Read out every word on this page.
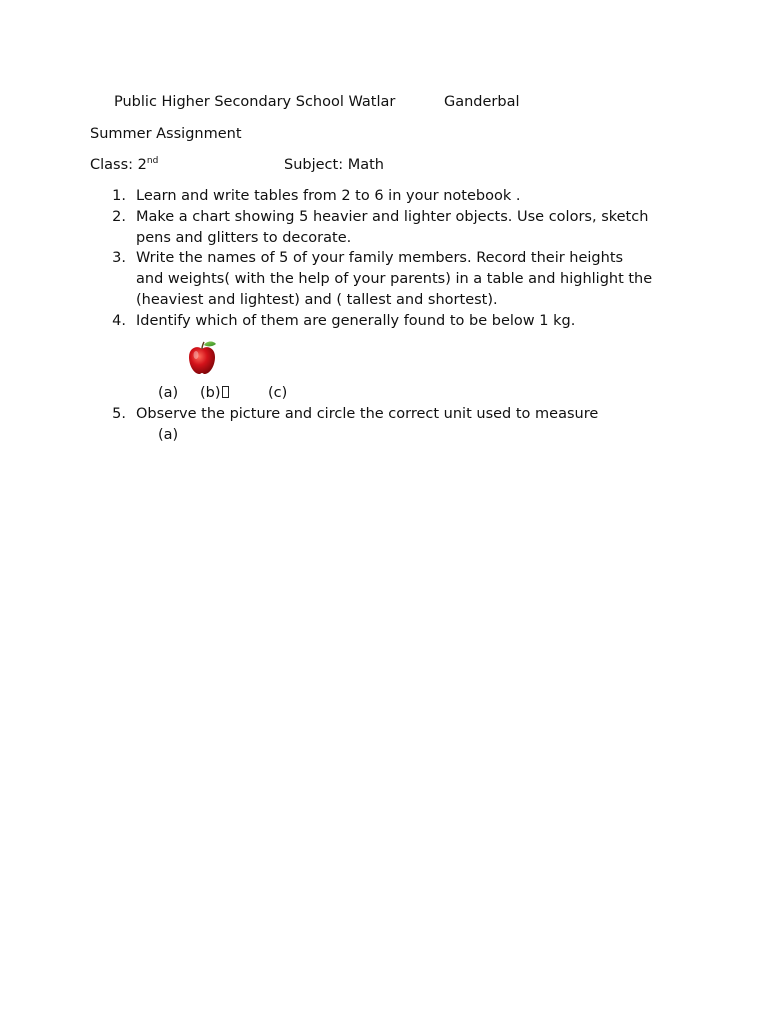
Public Higher Secondary School Watlar	Ganderbal
Summer Assignment
Class: 2nd	Subject: Math
1. Learn and write tables from 2 to 6 in your notebook .
2. Make a chart showing 5 heavier and lighter objects. Use colors, sketch
pens and glitters to decorate.
3. Write the names of 5 of your family members. Record their heights
and weights( with the help of your parents) in a table and highlight the
(heaviest and lightest) and ( tallest and shortest).
4. Identify which of them are generally found to be below 1 kg.
(a) (b)	(c)
5. Observe the picture and circle the correct unit used to measure
(a)
